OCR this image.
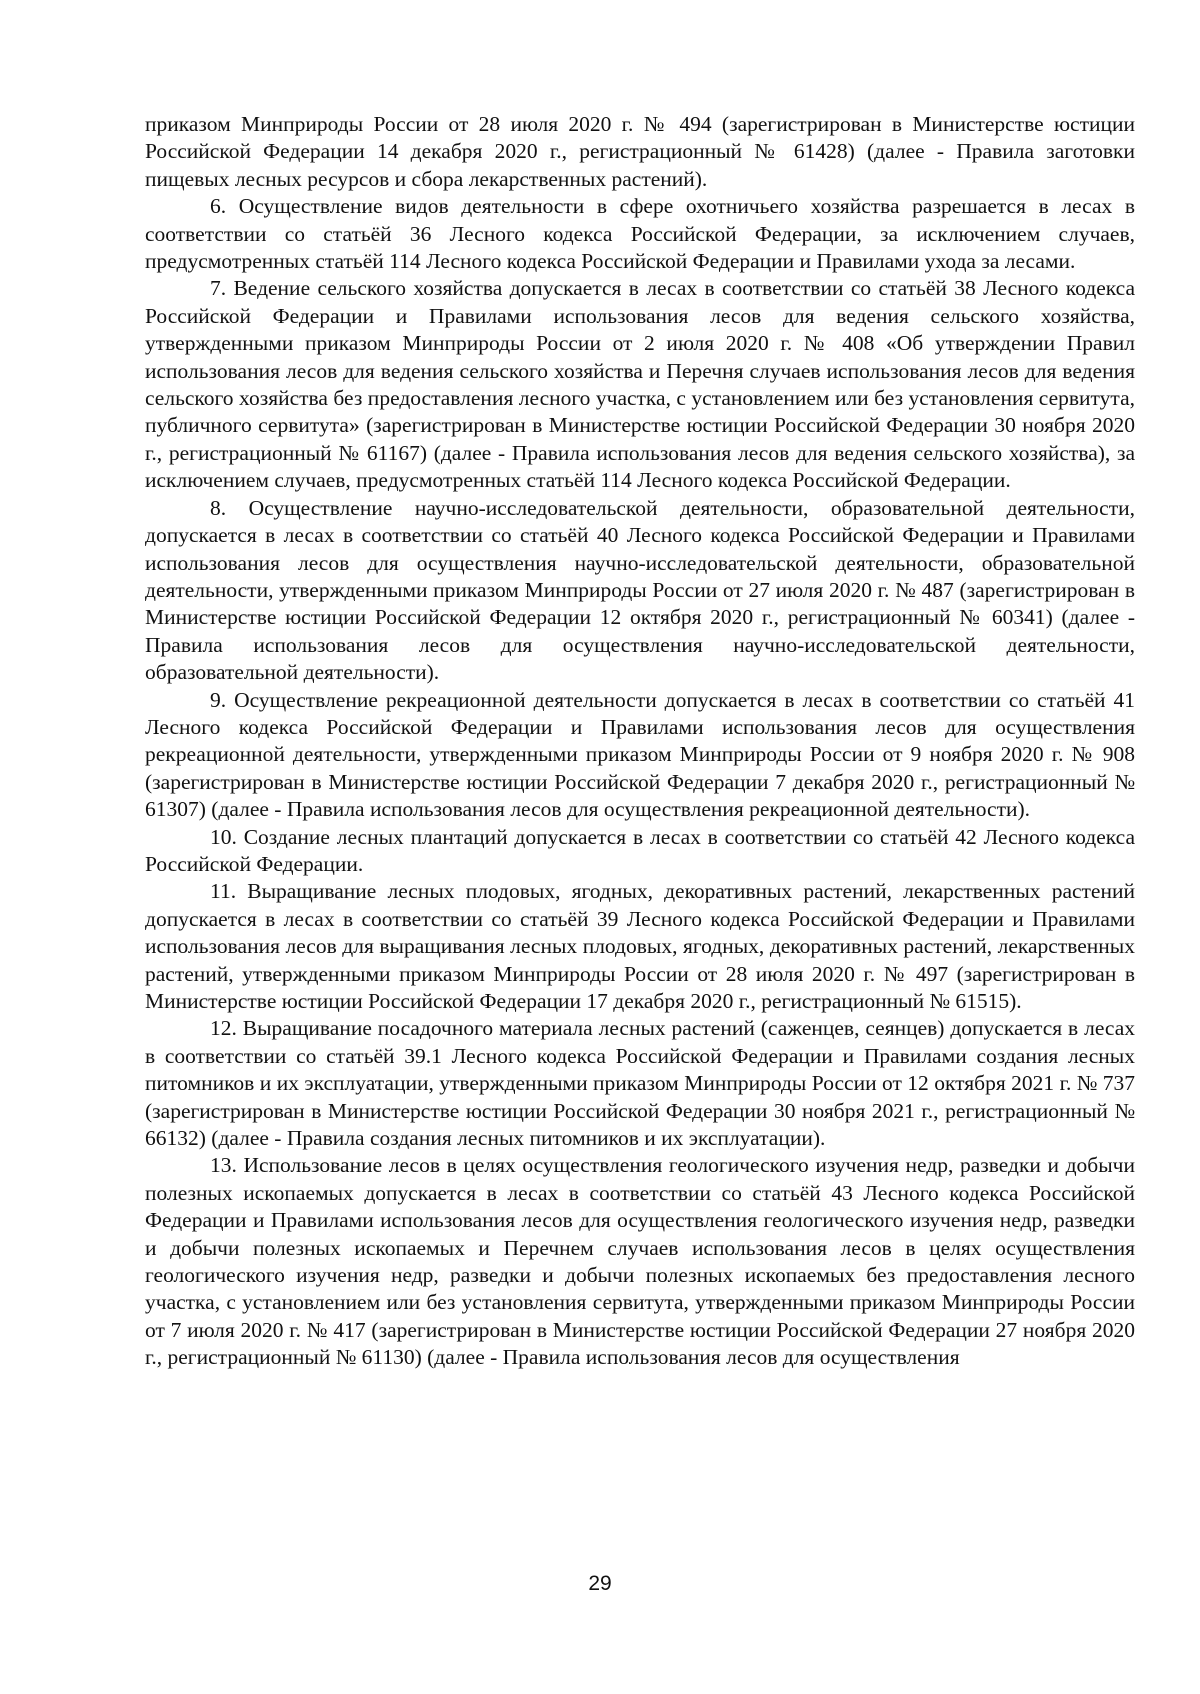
приказом Минприроды России от 28 июля 2020 г. № 494 (зарегистрирован в Министерстве юстиции Российской Федерации 14 декабря 2020 г., регистрационный № 61428) (далее - Правила заготовки пищевых лесных ресурсов и сбора лекарственных растений).

6. Осуществление видов деятельности в сфере охотничьего хозяйства разрешается в лесах в соответствии со статьёй 36 Лесного кодекса Российской Федерации, за исключением случаев, предусмотренных статьёй 114 Лесного кодекса Российской Федерации и Правилами ухода за лесами.

7. Ведение сельского хозяйства допускается в лесах в соответствии со статьёй 38 Лесного кодекса Российской Федерации и Правилами использования лесов для ведения сельского хозяйства, утвержденными приказом Минприроды России от 2 июля 2020 г. № 408 «Об утверждении Правил использования лесов для ведения сельского хозяйства и Перечня случаев использования лесов для ведения сельского хозяйства без предоставления лесного участка, с установлением или без установления сервитута, публичного сервитута» (зарегистрирован в Министерстве юстиции Российской Федерации 30 ноября 2020 г., регистрационный № 61167) (далее - Правила использования лесов для ведения сельского хозяйства), за исключением случаев, предусмотренных статьёй 114 Лесного кодекса Российской Федерации.

8. Осуществление научно-исследовательской деятельности, образовательной деятельности, допускается в лесах в соответствии со статьёй 40 Лесного кодекса Российской Федерации и Правилами использования лесов для осуществления научно-исследовательской деятельности, образовательной деятельности, утвержденными приказом Минприроды России от 27 июля 2020 г. № 487 (зарегистрирован в Министерстве юстиции Российской Федерации 12 октября 2020 г., регистрационный № 60341) (далее - Правила использования лесов для осуществления научно-исследовательской деятельности, образовательной деятельности).

9. Осуществление рекреационной деятельности допускается в лесах в соответствии со статьёй 41 Лесного кодекса Российской Федерации и Правилами использования лесов для осуществления рекреационной деятельности, утвержденными приказом Минприроды России от 9 ноября 2020 г. № 908 (зарегистрирован в Министерстве юстиции Российской Федерации 7 декабря 2020 г., регистрационный № 61307) (далее - Правила использования лесов для осуществления рекреационной деятельности).

10. Создание лесных плантаций допускается в лесах в соответствии со статьёй 42 Лесного кодекса Российской Федерации.

11. Выращивание лесных плодовых, ягодных, декоративных растений, лекарственных растений допускается в лесах в соответствии со статьёй 39 Лесного кодекса Российской Федерации и Правилами использования лесов для выращивания лесных плодовых, ягодных, декоративных растений, лекарственных растений, утвержденными приказом Минприроды России от 28 июля 2020 г. № 497 (зарегистрирован в Министерстве юстиции Российской Федерации 17 декабря 2020 г., регистрационный № 61515).

12. Выращивание посадочного материала лесных растений (саженцев, сеянцев) допускается в лесах в соответствии со статьёй 39.1 Лесного кодекса Российской Федерации и Правилами создания лесных питомников и их эксплуатации, утвержденными приказом Минприроды России от 12 октября 2021 г. № 737 (зарегистрирован в Министерстве юстиции Российской Федерации 30 ноября 2021 г., регистрационный № 66132) (далее - Правила создания лесных питомников и их эксплуатации).

13. Использование лесов в целях осуществления геологического изучения недр, разведки и добычи полезных ископаемых допускается в лесах в соответствии со статьёй 43 Лесного кодекса Российской Федерации и Правилами использования лесов для осуществления геологического изучения недр, разведки и добычи полезных ископаемых и Перечнем случаев использования лесов в целях осуществления геологического изучения недр, разведки и добычи полезных ископаемых без предоставления лесного участка, с установлением или без установления сервитута, утвержденными приказом Минприроды России от 7 июля 2020 г. № 417 (зарегистрирован в Министерстве юстиции Российской Федерации 27 ноября 2020 г., регистрационный № 61130) (далее - Правила использования лесов для осуществления

29
